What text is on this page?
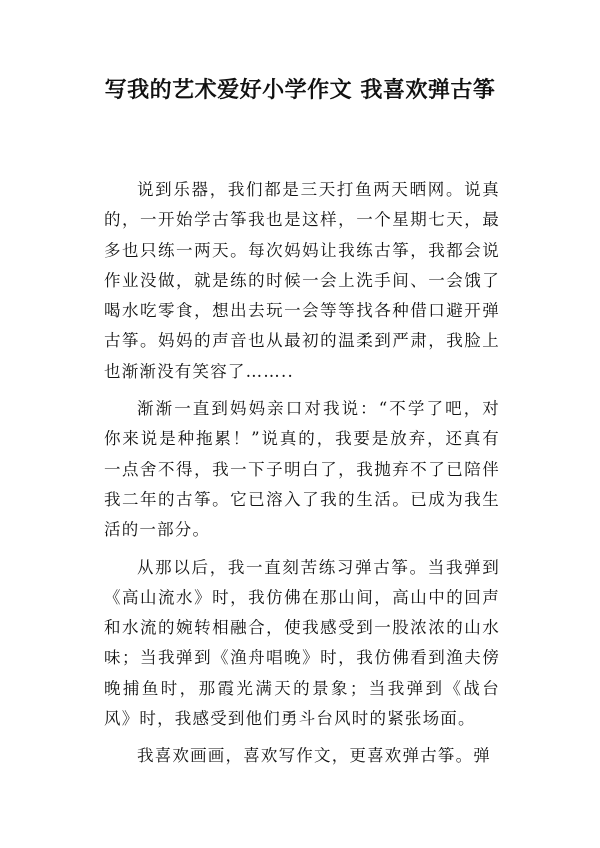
写我的艺术爱好小学作文 我喜欢弹古筝

说到乐器，我们都是三天打鱼两天晒网。说真的，一开始学古筝我也是这样，一个星期七天，最多也只练一两天。每次妈妈让我练古筝，我都会说作业没做，就是练的时候一会上洗手间、一会饿了喝水吃零食，想出去玩一会等等找各种借口避开弹古筝。妈妈的声音也从最初的温柔到严肃，我脸上也渐渐没有笑容了……..

渐渐一直到妈妈亲口对我说：“不学了吧，对你来说是种拖累！”说真的，我要是放弃，还真有一点舍不得，我一下子明白了，我抛弃不了已陪伴我二年的古筝。它已溶入了我的生活。已成为我生活的一部分。

从那以后，我一直刻苦练习弹古筝。当我弹到《高山流水》时，我仿佛在那山间，高山中的回声和水流的婉转相融合，使我感受到一股浓浓的山水味；当我弹到《渔舟唱晚》时，我仿佛看到渔夫傍晚捕鱼时，那霞光满天的景象；当我弹到《战台风》时，我感受到他们勇斗台风时的紧张场面。

我喜欢画画，喜欢写作文，更喜欢弹古筝。弹
